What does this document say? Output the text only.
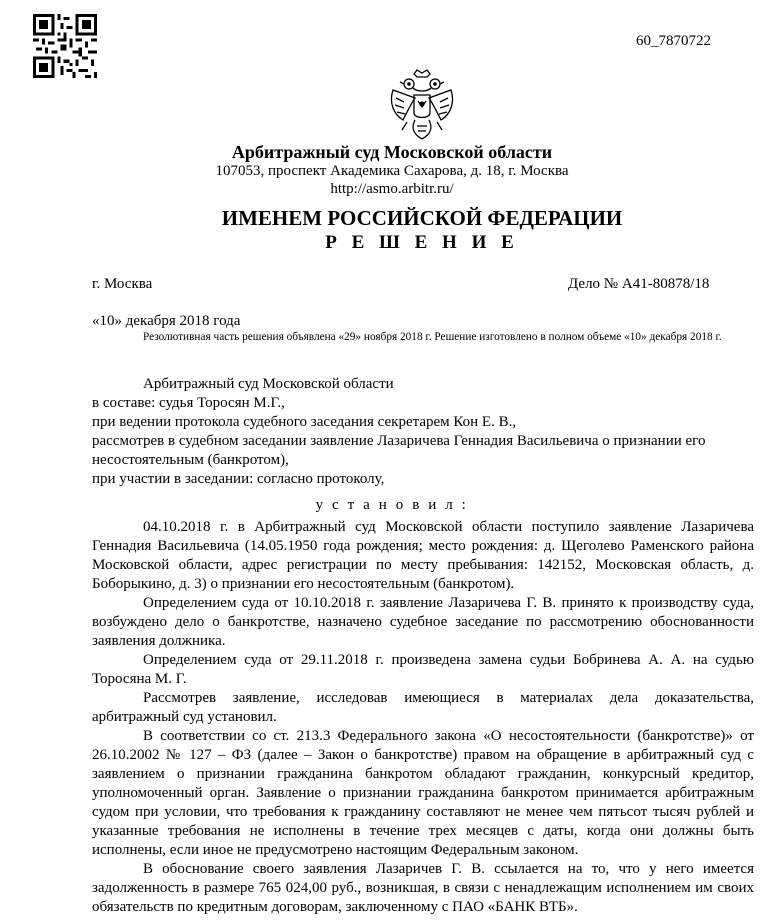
60_7870722
Арбитражный суд Московской области
107053, проспект Академика Сахарова, д. 18, г. Москва
http://asmo.arbitr.ru/
ИМЕНЕМ РОССИЙСКОЙ ФЕДЕРАЦИИ
Р Е Ш Е Н И Е
г. Москва	Дело № А41-80878/18
«10» декабря 2018 года
Резолютивная часть решения объявлена «29» ноября 2018 г. Решение изготовлено в полном объеме «10» декабря 2018 г.
Арбитражный суд Московской области
в составе: судья Торосян М.Г.,
при ведении протокола судебного заседания секретарем Кон Е. В.,
рассмотрев в судебном заседании заявление Лазаричева Геннадия Васильевича о признании его
несостоятельным (банкротом),
при участии в заседании: согласно протоколу,
у с т а н о в и л :

04.10.2018 г. в Арбитражный суд Московской области поступило заявление Лазаричева Геннадия Васильевича (14.05.1950 года рождения; место рождения: д. Щеголево Раменского района Московской области, адрес регистрации по месту пребывания: 142152, Московская область, д. Боборыкино, д. 3) о признании его несостоятельным (банкротом).

Определением суда от 10.10.2018 г. заявление Лазаричева Г. В. принято к производству суда, возбуждено дело о банкротстве, назначено судебное заседание по рассмотрению обоснованности заявления должника.

Определением суда от 29.11.2018 г. произведена замена судьи Бобринева А. А. на судью Торосяна М. Г.

Рассмотрев заявление, исследовав имеющиеся в материалах дела доказательства, арбитражный суд установил.

В соответствии со ст. 213.3 Федерального закона «О несостоятельности (банкротстве)» от 26.10.2002 № 127 – ФЗ (далее – Закон о банкротстве) правом на обращение в арбитражный суд с заявлением о признании гражданина банкротом обладают гражданин, конкурсный кредитор, уполномоченный орган. Заявление о признании гражданина банкротом принимается арбитражным судом при условии, что требования к гражданину составляют не менее чем пятьсот тысяч рублей и указанные требования не исполнены в течение трех месяцев с даты, когда они должны быть исполнены, если иное не предусмотрено настоящим Федеральным законом.

В обоснование своего заявления Лазаричев Г. В. ссылается на то, что у него имеется задолженность в размере 765 024,00 руб., возникшая, в связи с ненадлежащим исполнением им своих обязательств по кредитным договорам, заключенному с ПАО «БАНК ВТБ».
